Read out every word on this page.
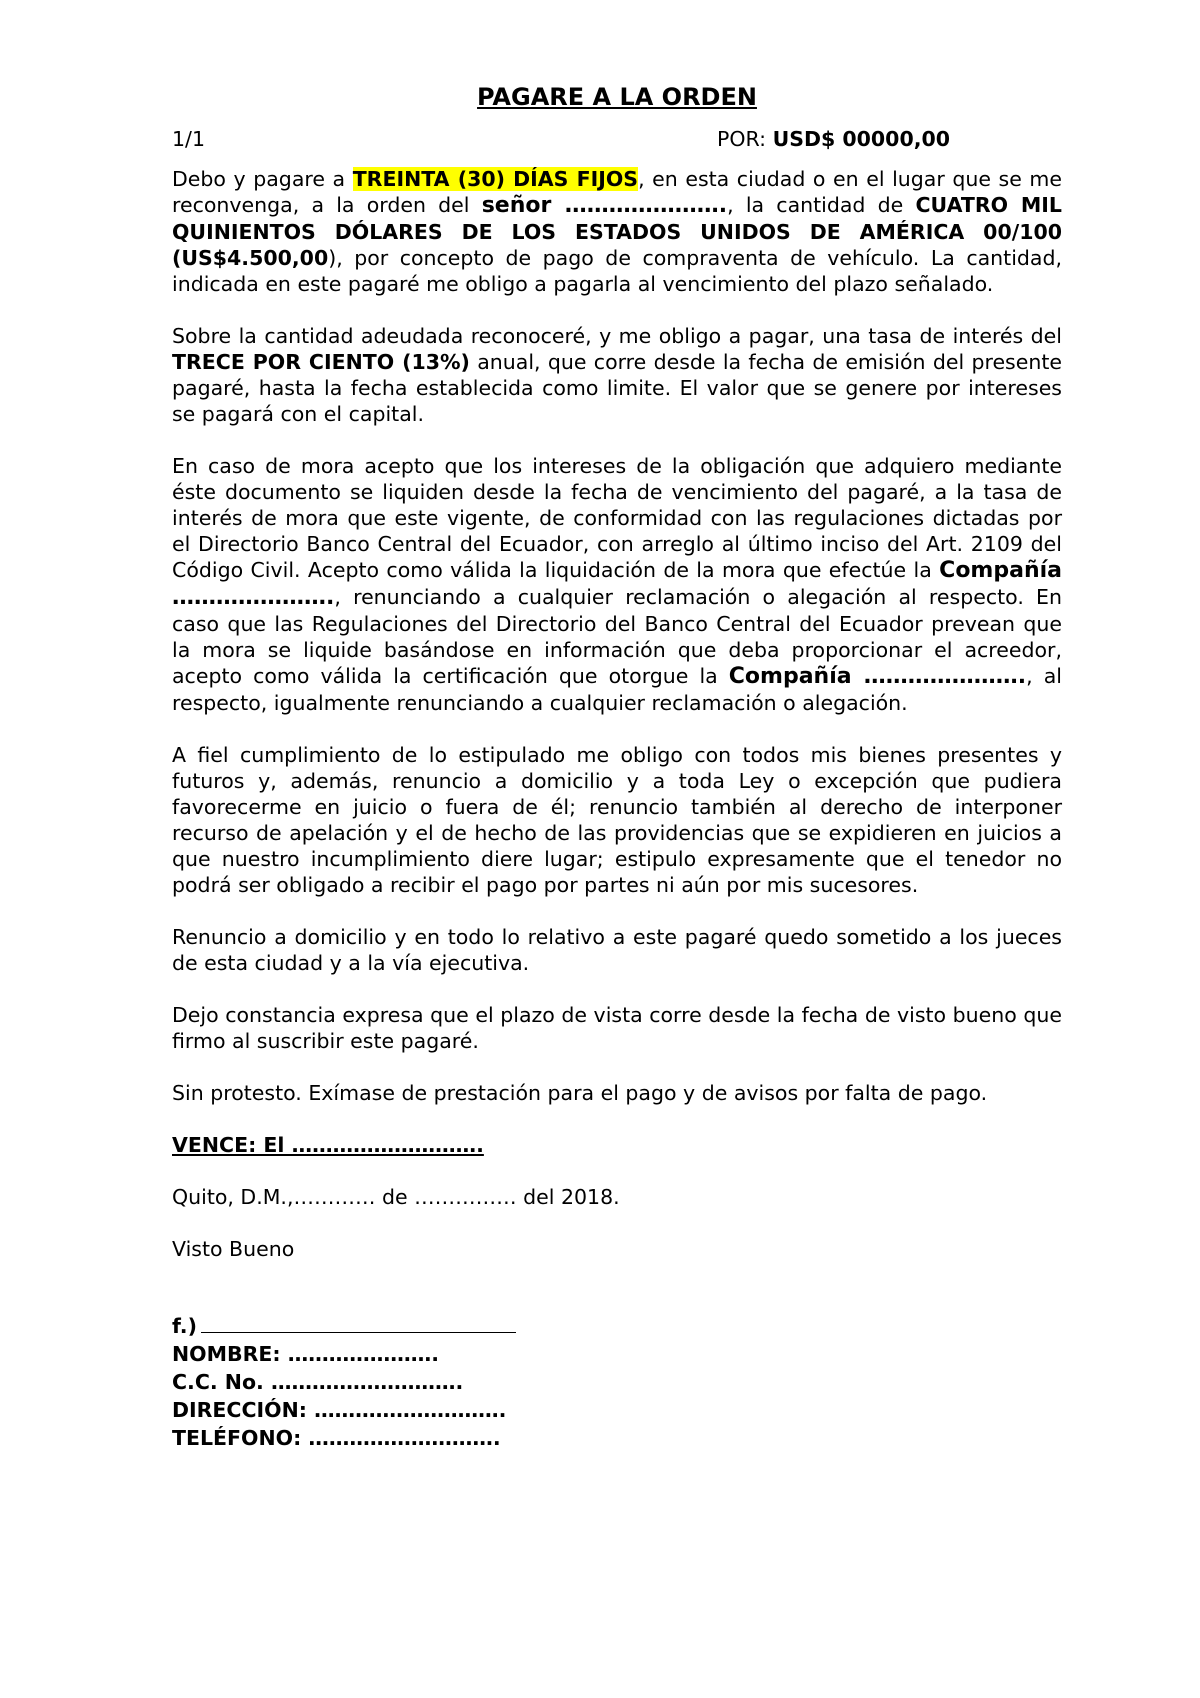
PAGARE A LA ORDEN
1/1	POR: USD$ 00000,00

Debo y pagare a TREINTA (30) DÍAS FIJOS, en esta ciudad o en el lugar que se me reconvenga, a la orden del señor …………………., la cantidad de CUATRO MIL QUINIENTOS DÓLARES DE LOS ESTADOS UNIDOS DE AMÉRICA 00/100 (US$4.500,00), por concepto de pago de compraventa de vehículo. La cantidad, indicada en este pagaré me obligo a pagarla al vencimiento del plazo señalado.

Sobre la cantidad adeudada reconoceré, y me obligo a pagar, una tasa de interés del TRECE POR CIENTO (13%) anual, que corre desde la fecha de emisión del presente pagaré, hasta la fecha establecida como limite. El valor que se genere por intereses se pagará con el capital.

En caso de mora acepto que los intereses de la obligación que adquiero mediante éste documento se liquiden desde la fecha de vencimiento del pagaré, a la tasa de interés de mora que este vigente, de conformidad con las regulaciones dictadas por el Directorio Banco Central del Ecuador, con arreglo al último inciso del Art. 2109 del Código Civil. Acepto como válida la liquidación de la mora que efectúe la Compañía …………………., renunciando a cualquier reclamación o alegación al respecto. En caso que las Regulaciones del Directorio del Banco Central del Ecuador prevean que la mora se liquide basándose en información que deba proporcionar el acreedor, acepto como válida la certificación que otorgue la Compañía …………………., al respecto, igualmente renunciando a cualquier reclamación o alegación.

A fiel cumplimiento de lo estipulado me obligo con todos mis bienes presentes y futuros y, además, renuncio a domicilio y a toda Ley o excepción que pudiera favorecerme en juicio o fuera de él; renuncio también al derecho de interponer recurso de apelación y el de hecho de las providencias que se expidieren en juicios a que nuestro incumplimiento diere lugar; estipulo expresamente que el tenedor no podrá ser obligado a recibir el pago por partes ni aún por mis sucesores.

Renuncio a domicilio y en todo lo relativo a este pagaré quedo sometido a los jueces de esta ciudad y a la vía ejecutiva.

Dejo constancia expresa que el plazo de vista corre desde la fecha de visto bueno que firmo al suscribir este pagaré.

Sin protesto. Exímase de prestación para el pago y de avisos por falta de pago.

VENCE: El ……………………….
Quito, D.M.,………… de …………… del 2018.
Visto Bueno
f.)
NOMBRE: ………………….
C.C. No. ……………………….
DIRECCIÓN: ……………………….
TELÉFONO: ……………………….
